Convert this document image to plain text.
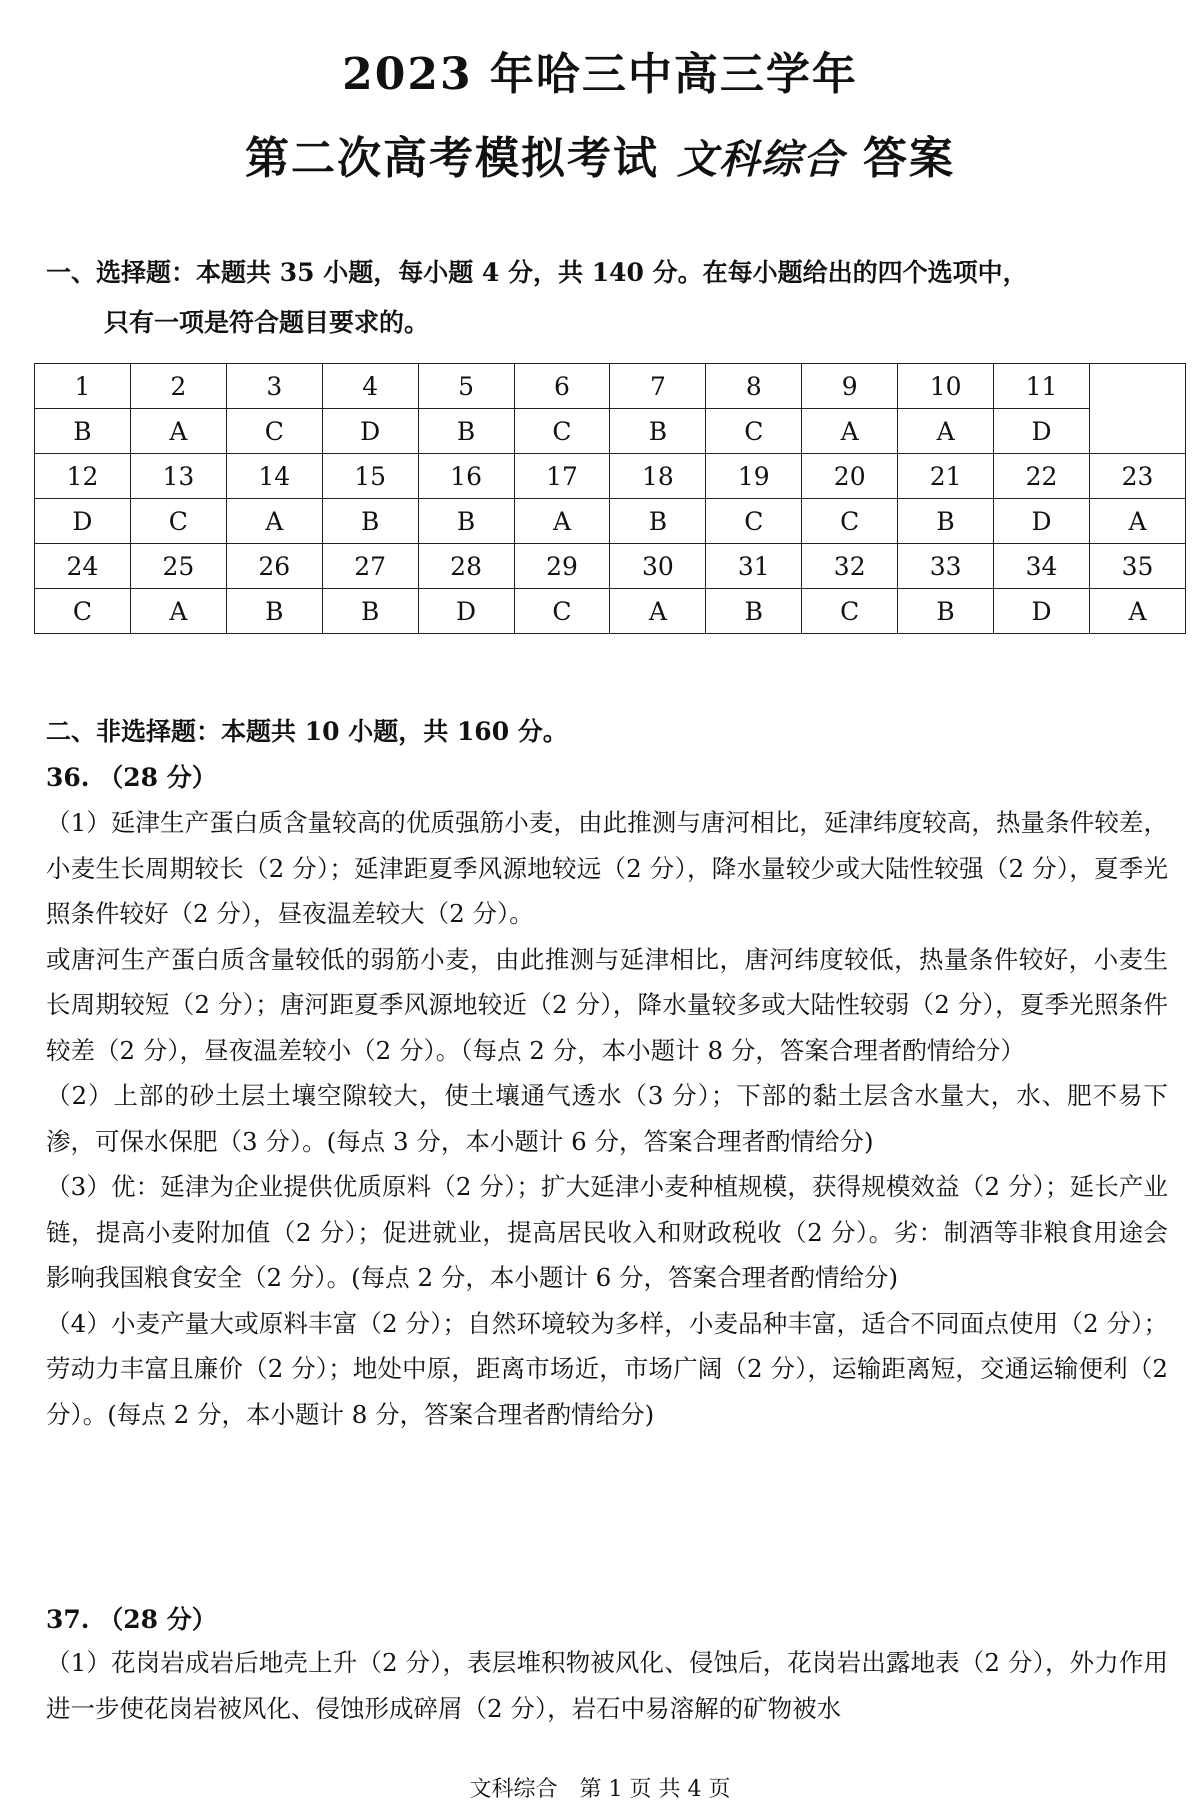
2023 年哈三中高三学年
第二次高考模拟考试 文科综合 答案
一、选择题：本题共 35 小题，每小题 4 分，共 140 分。在每小题给出的四个选项中，
只有一项是符合题目要求的。
1	2	3	4	5	6	7	8	9	10	11	
B	A	C	D	B	C	B	C	A	A	D	
12	13	14	15	16	17	18	19	20	21	22	23
D	C	A	B	B	A	B	C	C	B	D	A
24	25	26	27	28	29	30	31	32	33	34	35
C	A	B	B	D	C	A	B	C	B	D	A
二、非选择题：本题共 10 小题，共 160 分。
36. （28 分）

（1）延津生产蛋白质含量较高的优质强筋小麦，由此推测与唐河相比，延津纬度较高，热量条件较差，小麦生长周期较长（2 分）；延津距夏季风源地较远（2 分），降水量较少或大陆性较强（2 分），夏季光照条件较好（2 分），昼夜温差较大（2 分）。

或唐河生产蛋白质含量较低的弱筋小麦，由此推测与延津相比，唐河纬度较低，热量条件较好，小麦生长周期较短（2 分）；唐河距夏季风源地较近（2 分），降水量较多或大陆性较弱（2 分），夏季光照条件较差（2 分），昼夜温差较小（2 分）。（每点 2 分，本小题计 8 分，答案合理者酌情给分）

（2）上部的砂土层土壤空隙较大，使土壤通气透水（3 分）；下部的黏土层含水量大，水、肥不易下渗，可保水保肥（3 分）。(每点 3 分，本小题计 6 分，答案合理者酌情给分)

（3）优：延津为企业提供优质原料（2 分）；扩大延津小麦种植规模，获得规模效益（2 分）；延长产业链，提高小麦附加值（2 分）；促进就业，提高居民收入和财政税收（2 分）。劣：制酒等非粮食用途会影响我国粮食安全（2 分）。(每点 2 分，本小题计 6 分，答案合理者酌情给分)

（4）小麦产量大或原料丰富（2 分）；自然环境较为多样，小麦品种丰富，适合不同面点使用（2 分）；劳动力丰富且廉价（2 分）；地处中原，距离市场近，市场广阔（2 分），运输距离短，交通运输便利（2 分）。(每点 2 分，本小题计 8 分，答案合理者酌情给分)

37. （28 分）

（1）花岗岩成岩后地壳上升（2 分），表层堆积物被风化、侵蚀后，花岗岩出露地表（2 分），外力作用进一步使花岗岩被风化、侵蚀形成碎屑（2 分），岩石中易溶解的矿物被水

文科综合　第 1 页 共 4 页
